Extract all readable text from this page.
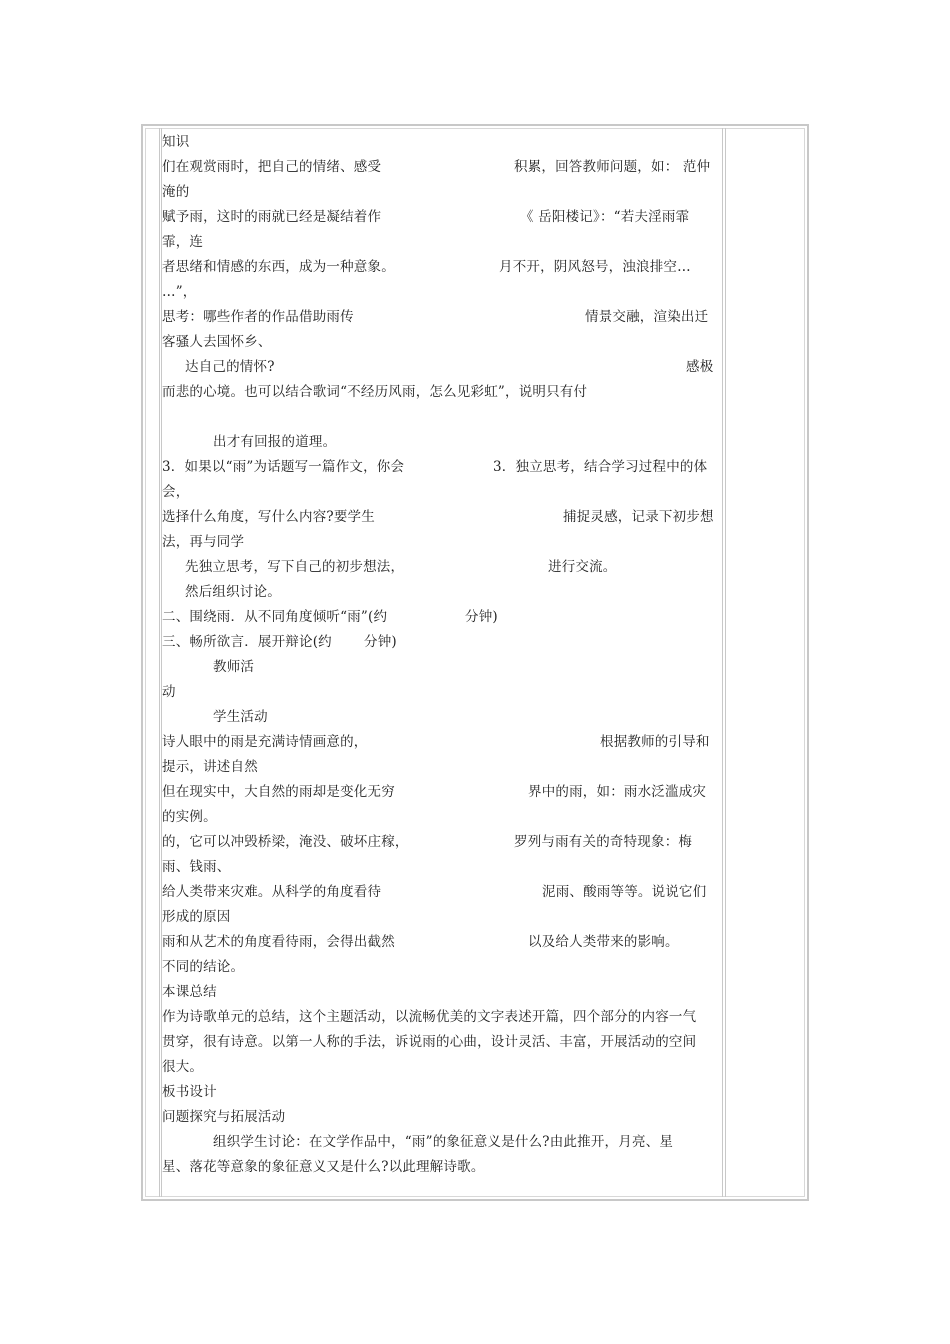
知识
们在观赏雨时，把自己的情绪、感受	积累，回答教师问题，如： 范仲
淹的
赋予雨，这时的雨就已经是凝结着作	《 岳阳楼记》：“若夫淫雨霏
霏，连
者思绪和情感的东西，成为一种意象。	月不开，阴风怒号，浊浪排空…
…”，
思考：哪些作者的作品借助雨传	情景交融，渲染出迁
客骚人去国怀乡、
达自己的情怀?	感极
而悲的心境。也可以结合歌词“不经历风雨，怎么见彩虹”，说明只有付
出才有回报的道理。
3．如果以“雨”为话题写一篇作文，你会	3．独立思考，结合学习过程中的体
会，
选择什么角度，写什么内容?要学生	捕捉灵感，记录下初步想
法，再与同学
先独立思考，写下自己的初步想法，	进行交流。
然后组织讨论。
二、围绕雨．从不同角度倾听“雨”(约	分钟)
三、畅所欲言．展开辩论(约 分钟)
教师活
动
学生活动
诗人眼中的雨是充满诗情画意的，	根据教师的引导和
提示，讲述自然
但在现实中，大自然的雨却是变化无穷	界中的雨，如：雨水泛滥成灾
的实例。
的，它可以冲毁桥梁，淹没、破坏庄稼，	罗列与雨有关的奇特现象：梅
雨、钱雨、
给人类带来灾难。从科学的角度看待	泥雨、酸雨等等。说说它们
形成的原因
雨和从艺术的角度看待雨，会得出截然	以及给人类带来的影响。
不同的结论。
本课总结
作为诗歌单元的总结，这个主题活动，以流畅优美的文字表述开篇，四个部分的内容一气
贯穿，很有诗意。以第一人称的手法，诉说雨的心曲，设计灵活、丰富，开展活动的空间
很大。
板书设计
问题探究与拓展活动
组织学生讨论：在文学作品中，“雨”的象征意义是什么?由此推开，月亮、星
星、落花等意象的象征意义又是什么?以此理解诗歌。
